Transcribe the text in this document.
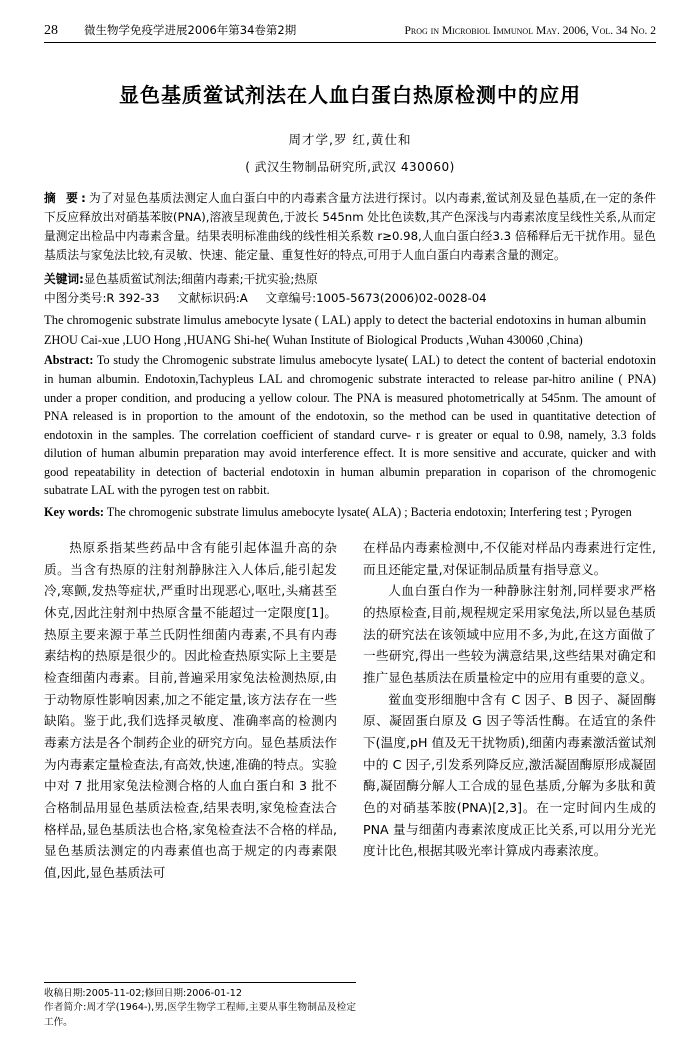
28	微生物学免疫学进展2006年第34卷第2期	Prog in Microbiol Immunol May. 2006, Vol. 34 No. 2
显色基质鲎试剂法在人血白蛋白热原检测中的应用
周才学,罗 红,黄仕和
( 武汉生物制品研究所,武汉 430060)
摘 要:为了对显色基质法测定人血白蛋白中的内毒素含量方法进行探讨。以内毒素,鲎试剂及显色基质,在一定的条件下反应释放出对硝基苯胺(PNA),溶液呈现黄色,于波长 545nm 处比色读数,其产色深浅与内毒素浓度呈线性关系,从而定量测定出检品中内毒素含量。结果表明标准曲线的线性相关系数 r≥0.98,人血白蛋白经3.3 倍稀释后无干扰作用。显色基质法与家兔法比较,有灵敏、快速、能定量、重复性好的特点,可用于人血白蛋白内毒素含量的测定。
关键词:显色基质鲎试剂法;细菌内毒素;干扰实验;热原
中图分类号:R 392-33 文献标识码:A 文章编号:1005-5673(2006)02-0028-04
The chromogenic substrate limulus amebocyte lysate ( LAL) apply to detect the bacterial endotoxins in human albumin
ZHOU Cai-xue ,LUO Hong ,HUANG Shi-he( Wuhan Institute of Biological Products ,Wuhan 430060 ,China)
Abstract: To study the Chromogenic substrate limulus amebocyte lysate( LAL) to detect the content of bacterial endotoxin in human albumin. Endotoxin,Tachypleus LAL and chromogenic substrate interacted to release par-hitro aniline ( PNA) under a proper condition, and producing a yellow colour. The PNA is measured photometrically at 545nm. The amount of PNA released is in proportion to the amount of the endotoxin, so the method can be used in quantitative detection of endotoxin in the samples. The correlation coefficient of standard curve- r is greater or equal to 0.98, namely, 3.3 folds dilution of human albumin preparation may avoid interference effect. It is more sensitive and accurate, quicker and with good repeatability in detection of bacterial endotoxin in human albumin preparation in coparison of the chromogenic subatrate LAL with the pyrogen test on rabbit.
Key words: The chromogenic substrate limulus amebocyte lysate( ALA) ; Bacteria endotoxin; Interfering test ; Pyrogen

热原系指某些药品中含有能引起体温升高的杂质。当含有热原的注射剂静脉注入人体后,能引起发冷,寒颤,发热等症状,严重时出现恶心,呕吐,头痛甚至休克,因此注射剂中热原含量不能超过一定限度[1]。热原主要来源于革兰氏阴性细菌内毒素,不具有内毒素结构的热原是很少的。因此检查热原实际上主要是检查细菌内毒素。目前,普遍采用家兔法检测热原,由于动物原性影响因素,加之不能定量,该方法存在一些缺陷。鉴于此,我们选择灵敏度、准确率高的检测内毒素方法是各个制药企业的研究方向。显色基质法作为内毒素定量检查法,有高效,快速,准确的特点。实验中对 7 批用家兔法检测合格的人血白蛋白和 3 批不合格制品用显色基质法检查,结果表明,家兔检查法合格样品,显色基质法也合格,家兔检查法不合格的样品,显色基质法测定的内毒素值也高于规定的内毒素限值,因此,显色基质法可

在样品内毒素检测中,不仅能对样品内毒素进行定性,而且还能定量,对保证制品质量有指导意义。

人血白蛋白作为一种静脉注射剂,同样要求严格的热原检查,目前,规程规定采用家兔法,所以显色基质法的研究法在该领域中应用不多,为此,在这方面做了一些研究,得出一些较为满意结果,这些结果对确定和推广显色基质法在质量检定中的应用有重要的意义。

鲎血变形细胞中含有 C 因子、B 因子、凝固酶原、凝固蛋白原及 G 因子等活性酶。在适宜的条件下(温度,pH 值及无干扰物质),细菌内毒素激活鲎试剂中的 C 因子,引发系列降反应,激活凝固酶原形成凝固酶,凝固酶分解人工合成的显色基质,分解为多肽和黄色的对硝基苯胺(PNA)[2,3]。在一定时间内生成的 PNA 量与细菌内毒素浓度成正比关系,可以用分光光度计比色,根据其吸光率计算成内毒素浓度。

收稿日期:2005-11-02;修回日期:2006-01-12
作者简介:周才学(1964-),男,医学生物学工程师,主要从事生物制品及检定工作。
